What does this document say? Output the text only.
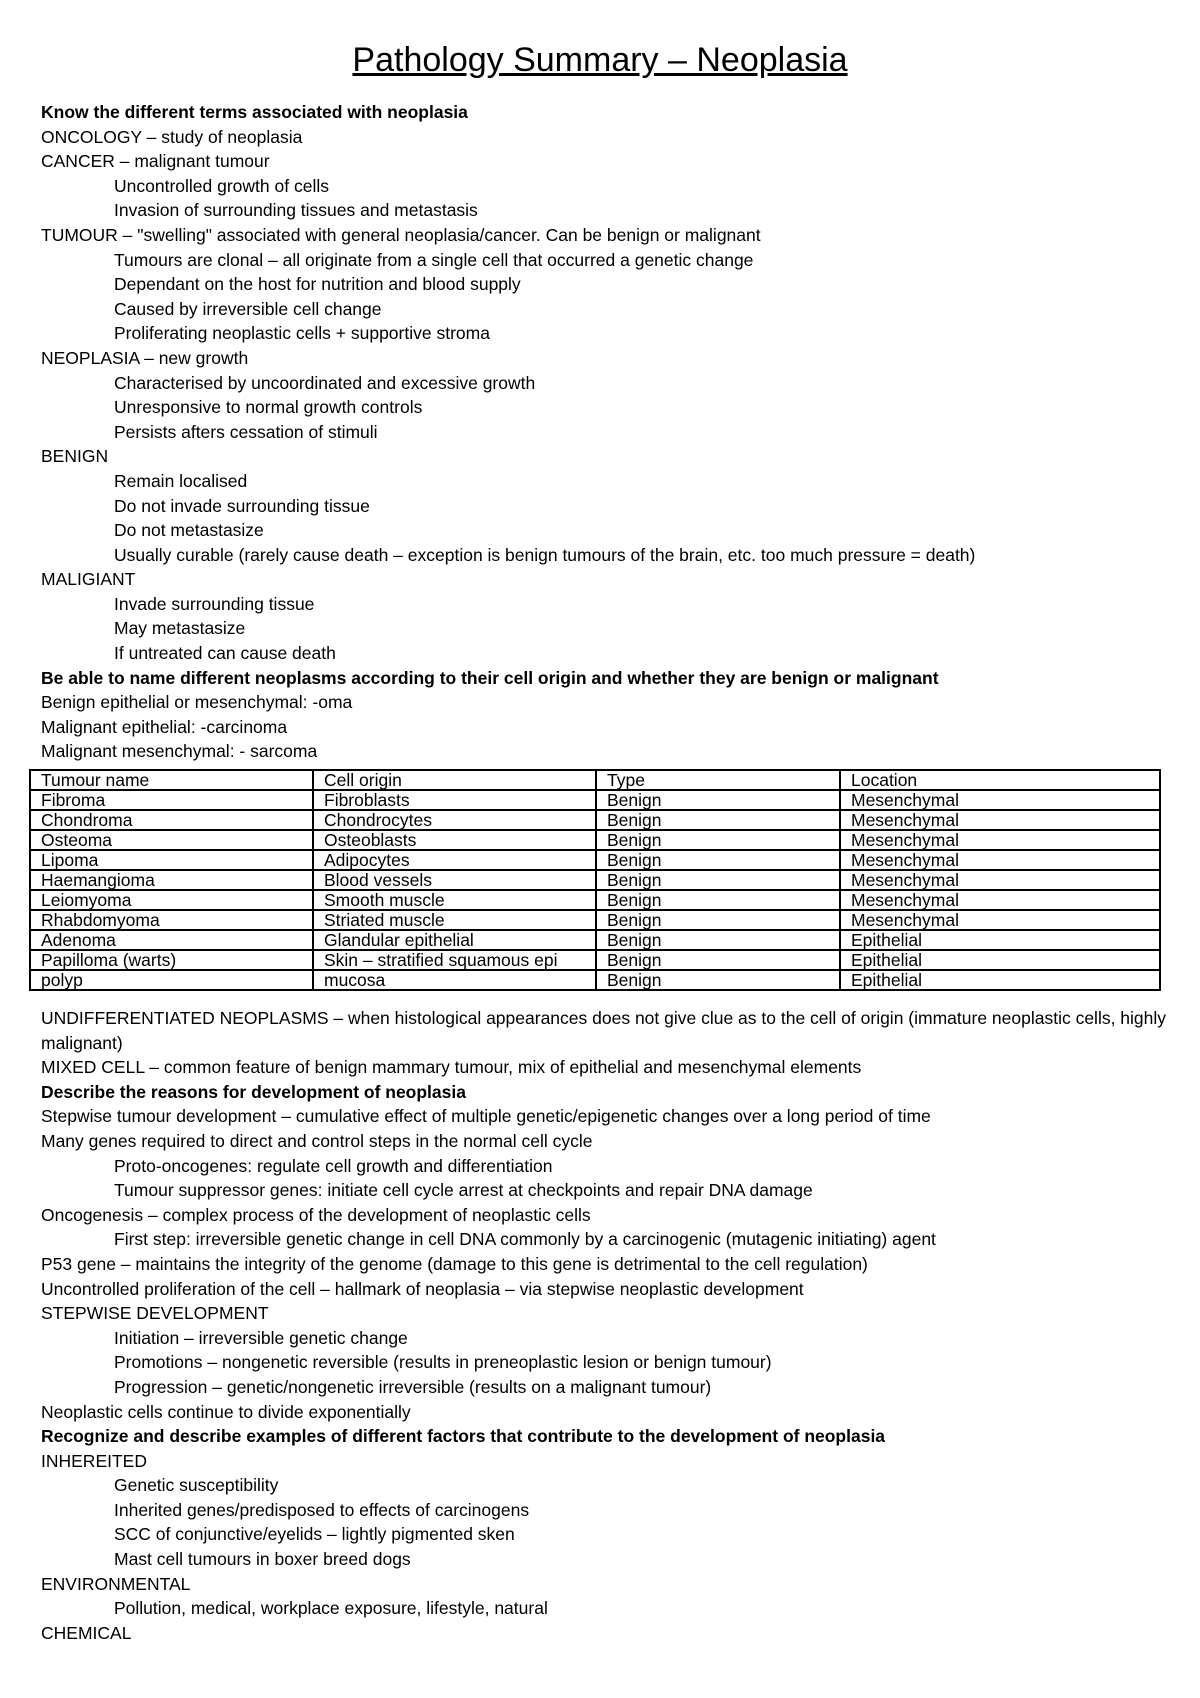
Pathology Summary – Neoplasia

Know the different terms associated with neoplasia

ONCOLOGY – study of neoplasia

CANCER – malignant tumour

Uncontrolled growth of cells

Invasion of surrounding tissues and metastasis

TUMOUR – "swelling" associated with general neoplasia/cancer. Can be benign or malignant

Tumours are clonal – all originate from a single cell that occurred a genetic change

Dependant on the host for nutrition and blood supply

Caused by irreversible cell change

Proliferating neoplastic cells + supportive stroma

NEOPLASIA – new growth

Characterised by uncoordinated and excessive growth

Unresponsive to normal growth controls

Persists afters cessation of stimuli

BENIGN

Remain localised

Do not invade surrounding tissue

Do not metastasize

Usually curable (rarely cause death – exception is benign tumours of the brain, etc. too much pressure = death)

MALIGIANT

Invade surrounding tissue

May metastasize

If untreated can cause death

Be able to name different neoplasms according to their cell origin and whether they are benign or malignant

Benign epithelial or mesenchymal: -oma

Malignant epithelial: -carcinoma

Malignant mesenchymal: - sarcoma

Tumour name	Cell origin	Type	Location
Fibroma	Fibroblasts	Benign	Mesenchymal
Chondroma	Chondrocytes	Benign	Mesenchymal
Osteoma	Osteoblasts	Benign	Mesenchymal
Lipoma	Adipocytes	Benign	Mesenchymal
Haemangioma	Blood vessels	Benign	Mesenchymal
Leiomyoma	Smooth muscle	Benign	Mesenchymal
Rhabdomyoma	Striated muscle	Benign	Mesenchymal
Adenoma	Glandular epithelial	Benign	Epithelial
Papilloma (warts)	Skin – stratified squamous epi	Benign	Epithelial
polyp	mucosa	Benign	Epithelial

UNDIFFERENTIATED NEOPLASMS – when histological appearances does not give clue as to the cell of origin (immature neoplastic cells, highly malignant)

MIXED CELL – common feature of benign mammary tumour, mix of epithelial and mesenchymal elements

Describe the reasons for development of neoplasia

Stepwise tumour development – cumulative effect of multiple genetic/epigenetic changes over a long period of time

Many genes required to direct and control steps in the normal cell cycle

Proto-oncogenes: regulate cell growth and differentiation

Tumour suppressor genes: initiate cell cycle arrest at checkpoints and repair DNA damage

Oncogenesis – complex process of the development of neoplastic cells

First step: irreversible genetic change in cell DNA commonly by a carcinogenic (mutagenic initiating) agent

P53 gene – maintains the integrity of the genome (damage to this gene is detrimental to the cell regulation)

Uncontrolled proliferation of the cell – hallmark of neoplasia – via stepwise neoplastic development

STEPWISE DEVELOPMENT

Initiation – irreversible genetic change

Promotions – nongenetic reversible (results in preneoplastic lesion or benign tumour)

Progression – genetic/nongenetic irreversible (results on a malignant tumour)

Neoplastic cells continue to divide exponentially

Recognize and describe examples of different factors that contribute to the development of neoplasia

INHEREITED

Genetic susceptibility

Inherited genes/predisposed to effects of carcinogens

SCC of conjunctive/eyelids – lightly pigmented sken

Mast cell tumours in boxer breed dogs

ENVIRONMENTAL

Pollution, medical, workplace exposure, lifestyle, natural

CHEMICAL
